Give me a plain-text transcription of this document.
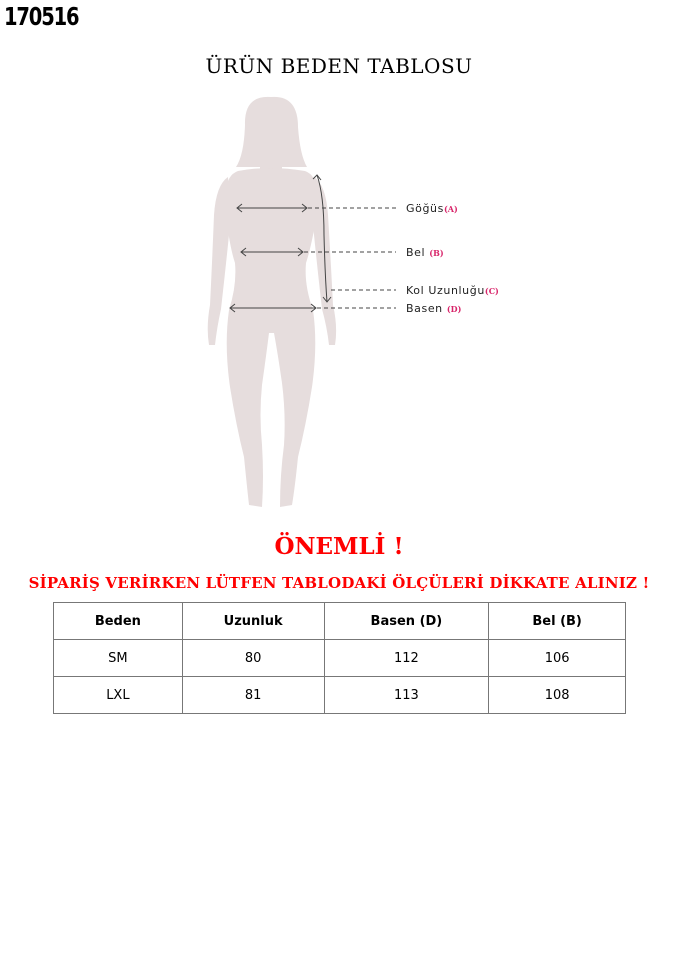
170516
ÜRÜN BEDEN TABLOSU
Göğüs(A)
Bel (B)
Kol Uzunluğu(C)
Basen (D)
ÖNEMLİ !
SİPARİŞ VERİRKEN LÜTFEN TABLODAKİ ÖLÇÜLERİ DİKKATE ALINIZ !
Beden	Uzunluk	Basen (D)	Bel (B)
SM	80	112	106
LXL	81	113	108
